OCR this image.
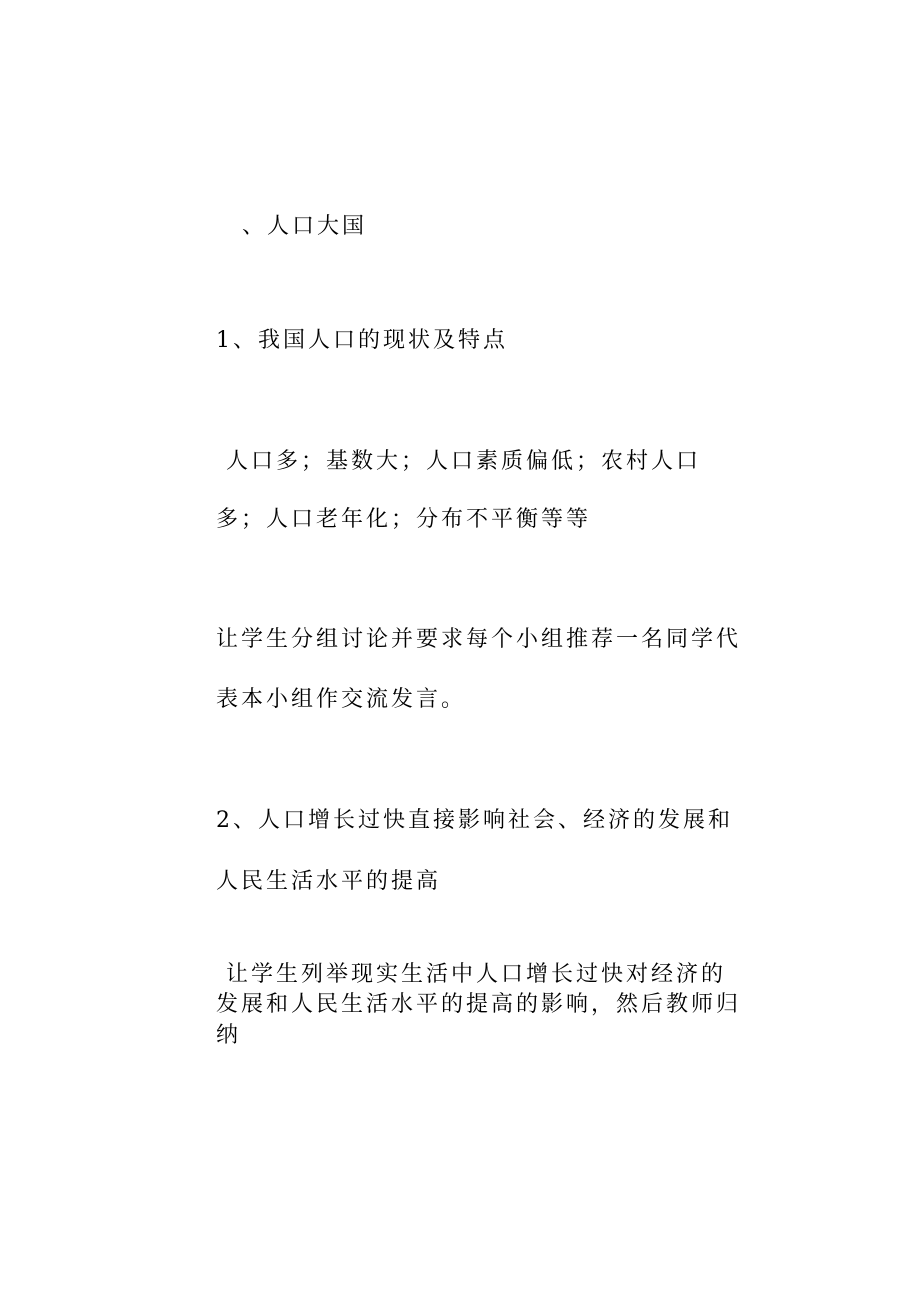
、人口大国
1、我国人口的现状及特点
人口多；基数大；人口素质偏低；农村人口
多；人口老年化；分布不平衡等等
让学生分组讨论并要求每个小组推荐一名同学代
表本小组作交流发言。
2、人口增长过快直接影响社会、经济的发展和
人民生活水平的提高
让学生列举现实生活中人口增长过快对经济的
发展和人民生活水平的提高的影响，然后教师归
纳
